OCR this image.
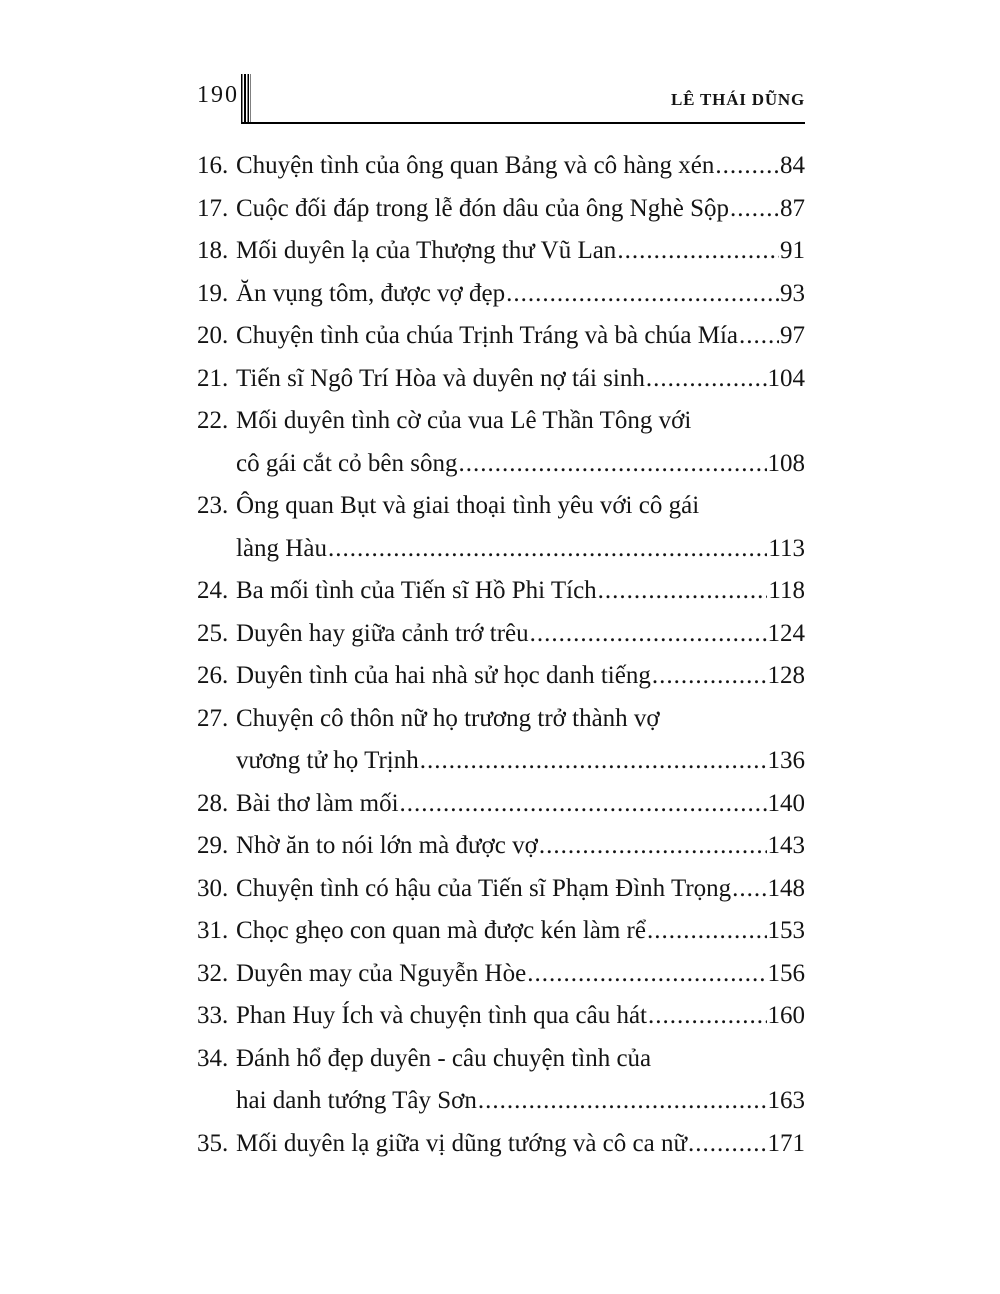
190	LÊ THÁI DŨNG
16. Chuyện tình của ông quan Bảng và cô hàng xén .....	84
17. Cuộc đối đáp trong lễ đón dâu của ông Nghè Sộp ..... 87
18. Mối duyên lạ của Thượng thư Vũ Lan .....	91
19. Ăn vụng tôm, được vợ đẹp .....	93
20. Chuyện tình của chúa Trịnh Tráng và bà chúa Mía ..... 97
21. Tiến sĩ Ngô Trí Hòa và duyên nợ tái sinh .....	104
22. Mối duyên tình cờ của vua Lê Thần Tông với
cô gái cắt cỏ bên sông .....	108
23. Ông quan Bụt và giai thoại tình yêu với cô gái
làng Hàu .....	113
24. Ba mối tình của Tiến sĩ Hồ Phi Tích .....	118
25. Duyên hay giữa cảnh trớ trêu .....	124
26. Duyên tình của hai nhà sử học danh tiếng .....	128
27. Chuyện cô thôn nữ họ trương trở thành vợ
vương tử họ Trịnh .....	136
28. Bài thơ làm mối .....	140
29. Nhờ ăn to nói lớn mà được vợ .....	143
30. Chuyện tình có hậu của Tiến sĩ Phạm Đình Trọng ..... 148
31. Chọc ghẹo con quan mà được kén làm rể .....	153
32. Duyên may của Nguyễn Hòe .....	156
33. Phan Huy Ích và chuyện tình qua câu hát .....	160
34. Đánh hổ đẹp duyên - câu chuyện tình của
hai danh tướng Tây Sơn .....	163
35. Mối duyên lạ giữa vị dũng tướng và cô ca nữ .....	171
